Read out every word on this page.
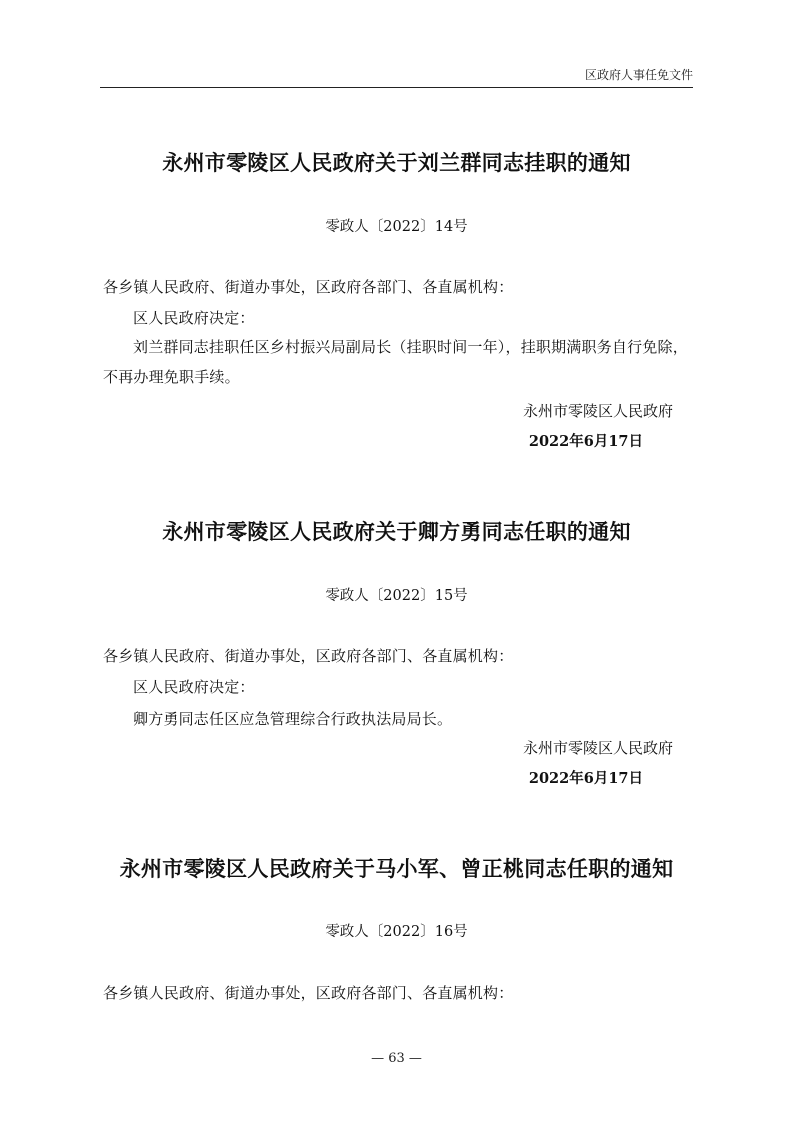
区政府人事任免文件
永州市零陵区人民政府关于刘兰群同志挂职的通知
零政人〔2022〕14号
各乡镇人民政府、街道办事处，区政府各部门、各直属机构：
区人民政府决定：
刘兰群同志挂职任区乡村振兴局副局长（挂职时间一年），挂职期满职务自行免除，不再办理免职手续。
永州市零陵区人民政府
2022年6月17日
永州市零陵区人民政府关于卿方勇同志任职的通知
零政人〔2022〕15号
各乡镇人民政府、街道办事处，区政府各部门、各直属机构：
区人民政府决定：
卿方勇同志任区应急管理综合行政执法局局长。
永州市零陵区人民政府
2022年6月17日
永州市零陵区人民政府关于马小军、曾正桃同志任职的通知
零政人〔2022〕16号
各乡镇人民政府、街道办事处，区政府各部门、各直属机构：
— 63 —
